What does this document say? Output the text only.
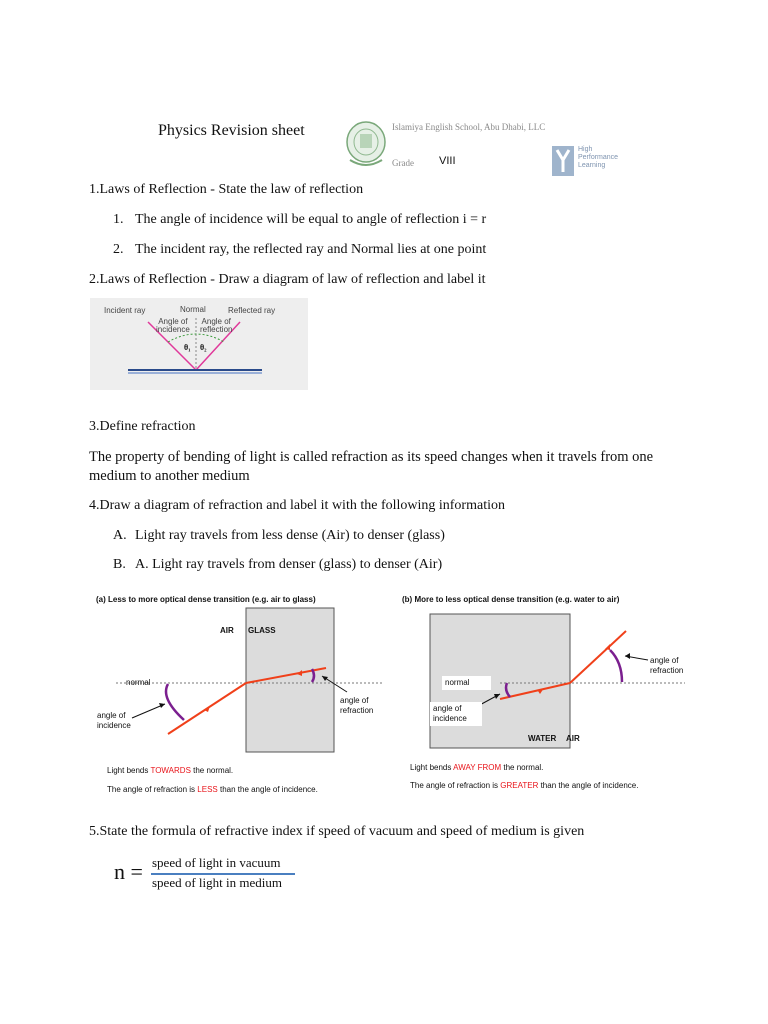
Physics Revision sheet	Islamiya English School, Abu Dhabi, LLC
Grade VIII
High
Performance
Learning
1.Laws of Reflection - State the law of reflection
1. The angle of incidence will be equal to angle of reflection i = r
2. The incident ray, the reflected ray and Normal lies at one point
2.Laws of Reflection - Draw a diagram of law of reflection and label it
Incident ray	Normal	Reflected ray
Angle of
incidence
Angle of
reflection
θ₁ θ₂
3.Define refraction
The property of bending of light is called refraction as its speed changes when it travels from one
medium to another medium
4.Draw a diagram of refraction and label it with the following information
A. Light ray travels from less dense (Air) to denser (glass)
B. A. Light ray travels from denser (glass) to denser (Air)
(a) Less to more optical dense transition (e.g. air to glass)
AIR GLASS
normal
angle of
incidence
angle of
refraction
Light bends TOWARDS the normal.
The angle of refraction is LESS than the angle of incidence.
(b) More to less optical dense transition (e.g. water to air)
normal
angle of
incidence
WATER AIR
angle of
refraction
Light bends AWAY FROM the normal.
The angle of refraction is GREATER than the angle of incidence.
5.State the formula of refractive index if speed of vacuum and speed of medium is given
n = speed of light in vacuum
speed of light in medium
